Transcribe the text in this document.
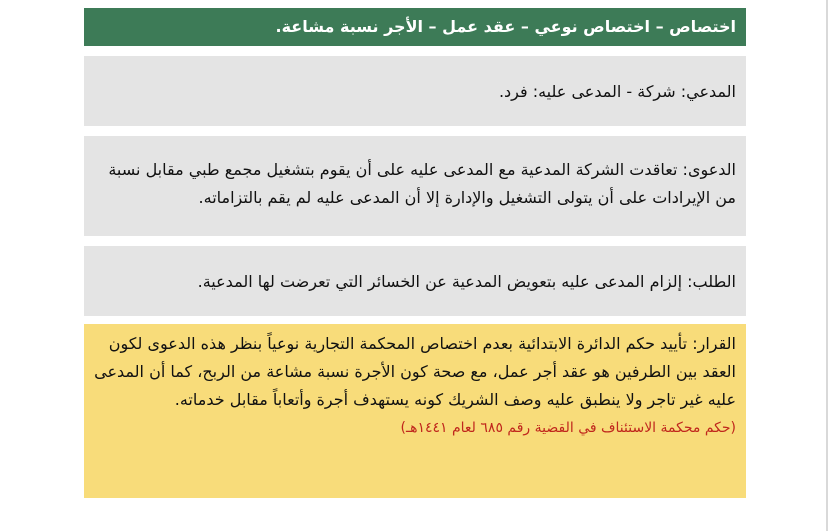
اختصاص – اختصاص نوعي – عقد عمل – الأجر نسبة مشاعة.
المدعي: شركة - المدعى عليه: فرد.
الدعوى: تعاقدت الشركة المدعية مع المدعى عليه على أن يقوم بتشغيل مجمع طبي مقابل نسبة من الإيرادات على أن يتولى التشغيل والإدارة إلا أن المدعى عليه لم يقم بالتزاماته.
الطلب: إلزام المدعى عليه بتعويض المدعية عن الخسائر التي تعرضت لها المدعية.
القرار: تأييد حكم الدائرة الابتدائية بعدم اختصاص المحكمة التجارية نوعياً بنظر هذه الدعوى لكون العقد بين الطرفين هو عقد أجر عمل، مع صحة كون الأجرة نسبة مشاعة من الربح، كما أن المدعى عليه غير تاجر ولا ينطبق عليه وصف الشريك كونه يستهدف أجرة وأتعاباً مقابل خدماته.
(حكم محكمة الاستئناف في القضية رقم ٦٨٥ لعام ١٤٤١هـ)
